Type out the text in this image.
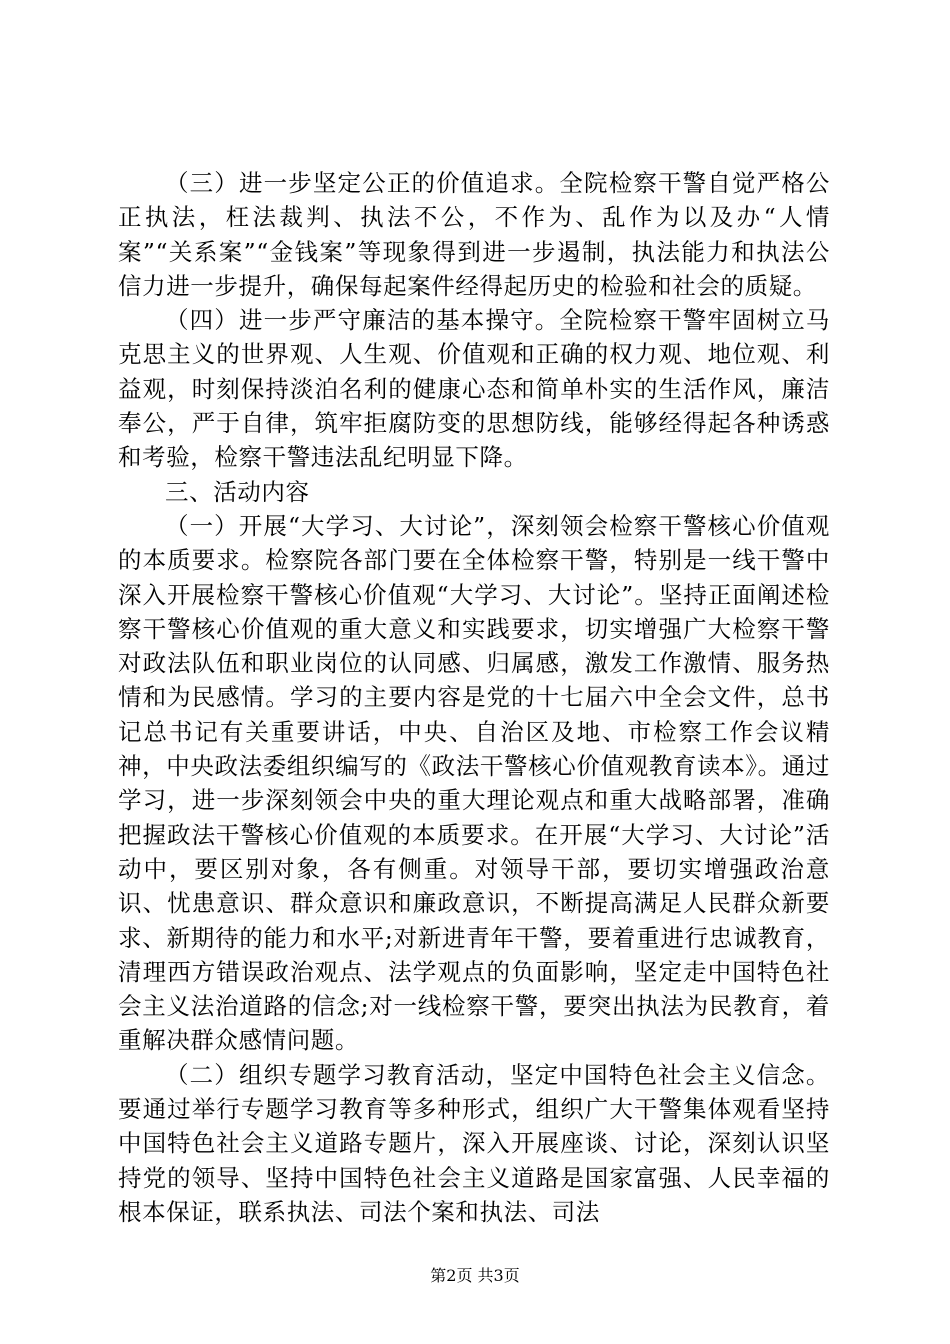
（三）进一步坚定公正的价值追求。全院检察干警自觉严格公正执法，枉法裁判、执法不公，不作为、乱作为以及办“人情案”“关系案”“金钱案”等现象得到进一步遏制，执法能力和执法公信力进一步提升，确保每起案件经得起历史的检验和社会的质疑。

（四）进一步严守廉洁的基本操守。全院检察干警牢固树立马克思主义的世界观、人生观、价值观和正确的权力观、地位观、利益观，时刻保持淡泊名利的健康心态和简单朴实的生活作风，廉洁奉公，严于自律，筑牢拒腐防变的思想防线，能够经得起各种诱惑和考验，检察干警违法乱纪明显下降。

三、活动内容

（一）开展“大学习、大讨论”，深刻领会检察干警核心价值观的本质要求。检察院各部门要在全体检察干警，特别是一线干警中深入开展检察干警核心价值观“大学习、大讨论”。坚持正面阐述检察干警核心价值观的重大意义和实践要求，切实增强广大检察干警对政法队伍和职业岗位的认同感、归属感，激发工作激情、服务热情和为民感情。学习的主要内容是党的十七届六中全会文件，总书记总书记有关重要讲话，中央、自治区及地、市检察工作会议精神，中央政法委组织编写的《政法干警核心价值观教育读本》。通过学习，进一步深刻领会中央的重大理论观点和重大战略部署，准确把握政法干警核心价值观的本质要求。在开展“大学习、大讨论”活动中，要区别对象，各有侧重。对领导干部，要切实增强政治意识、忧患意识、群众意识和廉政意识，不断提高满足人民群众新要求、新期待的能力和水平;对新进青年干警，要着重进行忠诚教育，清理西方错误政治观点、法学观点的负面影响，坚定走中国特色社会主义法治道路的信念;对一线检察干警，要突出执法为民教育，着重解决群众感情问题。

（二）组织专题学习教育活动，坚定中国特色社会主义信念。要通过举行专题学习教育等多种形式，组织广大干警集体观看坚持中国特色社会主义道路专题片，深入开展座谈、讨论，深刻认识坚持党的领导、坚持中国特色社会主义道路是国家富强、人民幸福的根本保证，联系执法、司法个案和执法、司法

第2页 共3页
